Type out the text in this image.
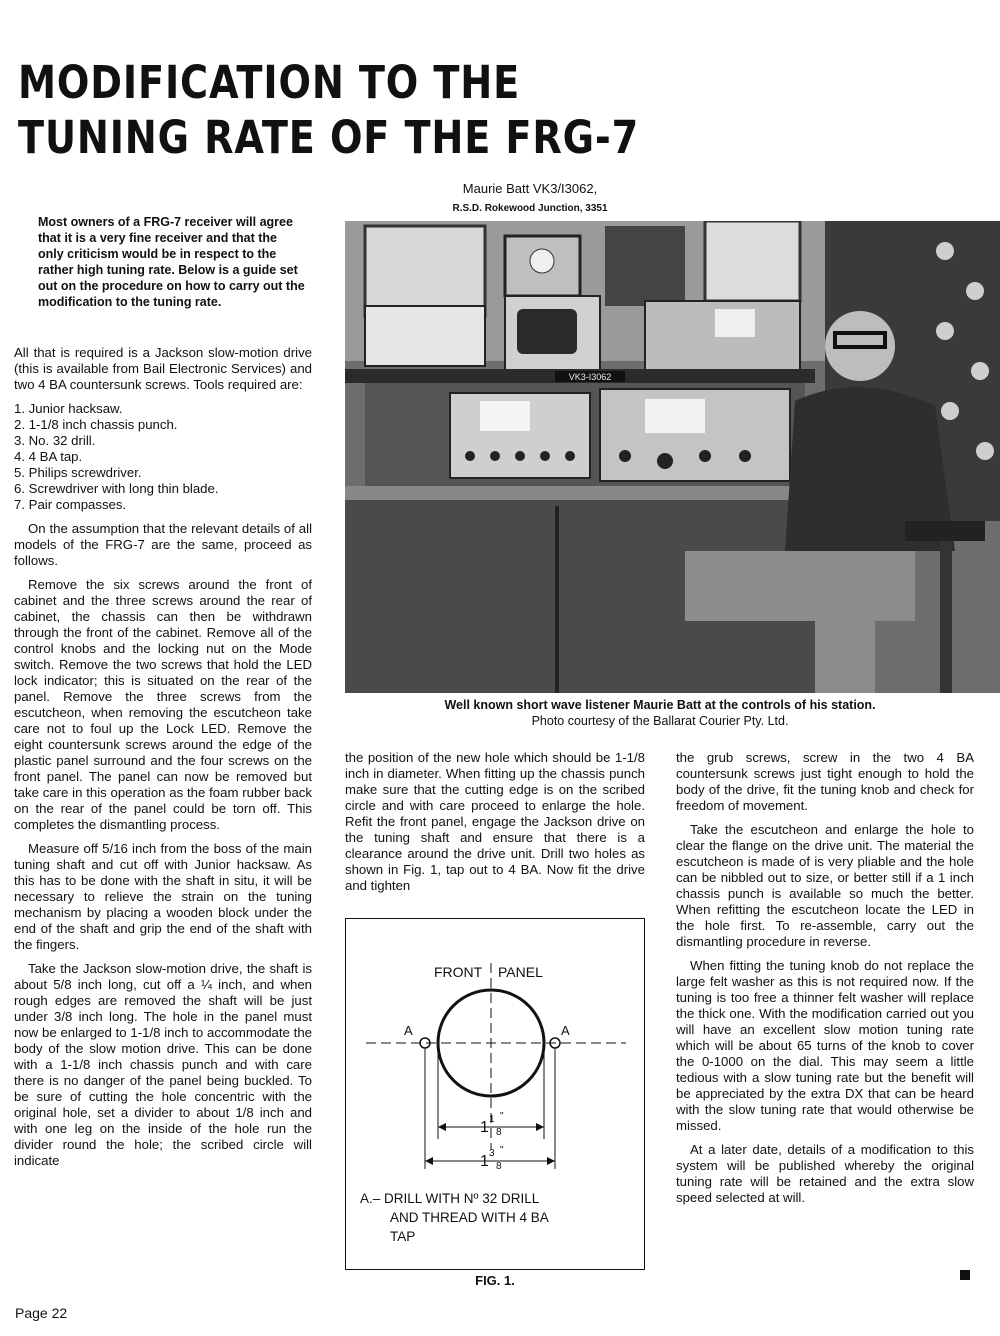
MODIFICATION TO THE
TUNING RATE OF THE FRG-7
Maurie Batt VK3/I3062,
R.S.D. Rokewood Junction, 3351

Most owners of a FRG-7 receiver will agree that it is a very fine receiver and that the only criticism would be in respect to the rather high tuning rate. Below is a guide set out on the procedure on how to carry out the modification to the tuning rate.

All that is required is a Jackson slow-motion drive (this is available from Bail Electronic Services) and two 4 BA countersunk screws. Tools required are:

1. Junior hacksaw.
2. 1-1/8 inch chassis punch.
3. No. 32 drill.
4. 4 BA tap.
5. Philips screwdriver.
6. Screwdriver with long thin blade.
7. Pair compasses.

On the assumption that the relevant details of all models of the FRG-7 are the same, proceed as follows.

Remove the six screws around the front of cabinet and the three screws around the rear of cabinet, the chassis can then be withdrawn through the front of the cabinet. Remove all of the control knobs and the locking nut on the Mode switch. Remove the two screws that hold the LED lock indicator; this is situated on the rear of the panel. Remove the three screws from the escutcheon, when removing the escutcheon take care not to foul up the Lock LED. Remove the eight countersunk screws around the edge of the plastic panel surround and the four screws on the front panel. The panel can now be removed but take care in this operation as the foam rubber back on the rear of the panel could be torn off. This completes the dismantling process.

Measure off 5/16 inch from the boss of the main tuning shaft and cut off with Junior hacksaw. As this has to be done with the shaft in situ, it will be necessary to relieve the strain on the tuning mechanism by placing a wooden block under the end of the shaft and grip the end of the shaft with the fingers.

Take the Jackson slow-motion drive, the shaft is about 5/8 inch long, cut off a ¼ inch, and when rough edges are removed the shaft will be just under 3/8 inch long. The hole in the panel must now be enlarged to 1-1/8 inch to accommodate the body of the slow motion drive. This can be done with a 1-1/8 inch chassis punch and with care there is no danger of the panel being buckled. To be sure of cutting the hole concentric with the original hole, set a divider to about 1/8 inch and with one leg on the inside of the hole run the divider round the hole; the scribed circle will indicate

VK3-I3062
Well known short wave listener Maurie Batt at the controls of his station.
Photo courtesy of the Ballarat Courier Pty. Ltd.

the position of the new hole which should be 1-1/8 inch in diameter. When fitting up the chassis punch make sure that the cutting edge is on the scribed circle and with care proceed to enlarge the hole. Refit the front panel, engage the Jackson drive on the tuning shaft and ensure that there is a clearance around the drive unit. Drill two holes as shown in Fig. 1, tap out to 4 BA. Now fit the drive and tighten

FRONT PANEL
A	A
1 1
8
"
1 3
8
"
A.– DRILL WITH Nº 32 DRILL
AND THREAD WITH 4 BA
TAP
FIG. 1.

the grub screws, screw in the two 4 BA countersunk screws just tight enough to hold the body of the drive, fit the tuning knob and check for freedom of movement.

Take the escutcheon and enlarge the hole to clear the flange on the drive unit. The material the escutcheon is made of is very pliable and the hole can be nibbled out to size, or better still if a 1 inch chassis punch is available so much the better. When refitting the escutcheon locate the LED in the hole first. To re-assemble, carry out the dismantling procedure in reverse.

When fitting the tuning knob do not replace the large felt washer as this is not required now. If the tuning is too free a thinner felt washer will replace the thick one. With the modification carried out you will have an excellent slow motion tuning rate which will be about 65 turns of the knob to cover the 0-1000 on the dial. This may seem a little tedious with a slow tuning rate but the benefit will be appreciated by the extra DX that can be heard with the slow tuning rate that would otherwise be missed.

At a later date, details of a modification to this system will be published whereby the original tuning rate will be retained and the extra slow speed selected at will.

Page 22
